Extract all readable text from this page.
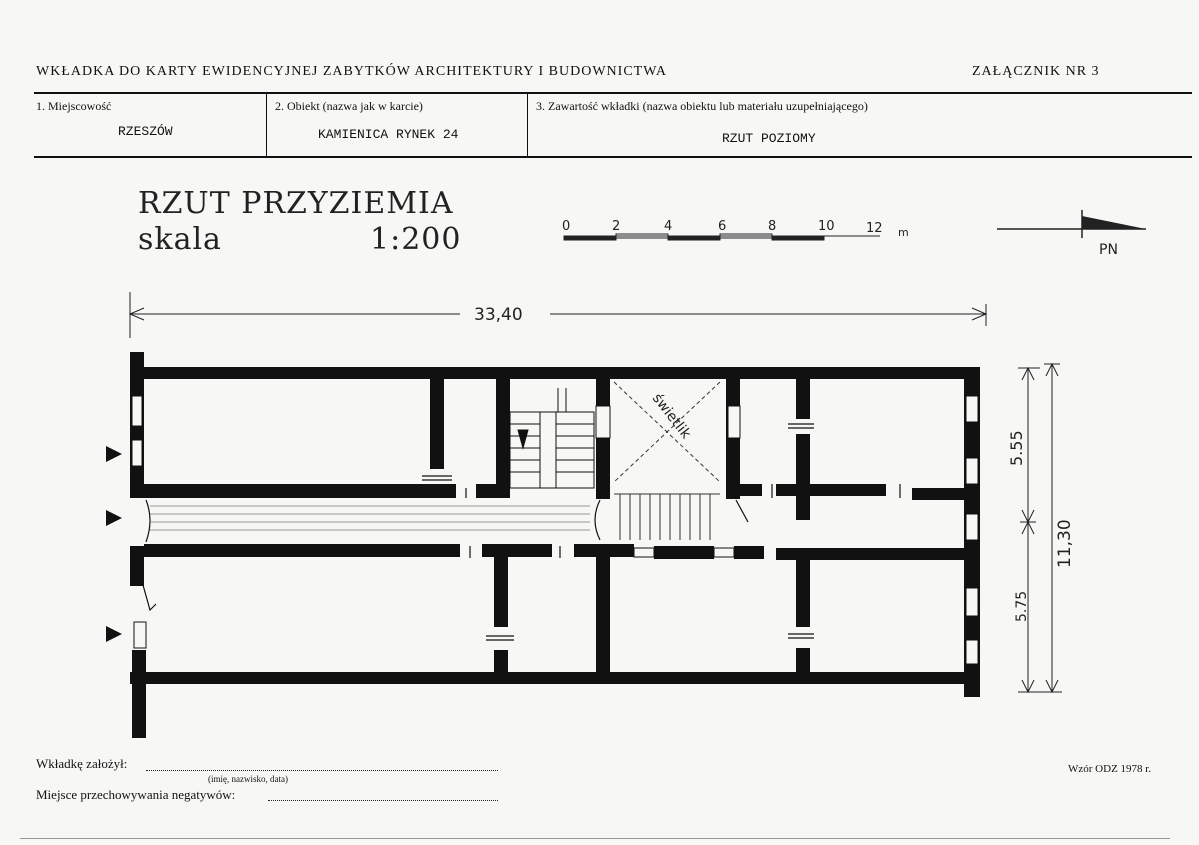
WKŁADKA DO KARTY EWIDENCYJNEJ ZABYTKÓW ARCHITEKTURY I BUDOWNICTWA	ZAŁĄCZNIK NR 3
1. Miejscowość
RZESZÓW
2. Obiekt (nazwa jak w karcie)
KAMIENICA RYNEK 24
3. Zawartość wkładki (nazwa obiektu lub materiału uzupełniającego)
RZUT POZIOMY
RZUT PRZYZIEMIA
skala	1:200	0	2	4	6	8	10 12 m
PN
33,40
świetlik
5.55
5.75
11,30
Wkładkę założył:
(imię, nazwisko, data)
Miejsce przechowywania negatywów:
Wzór ODZ 1978 r.
